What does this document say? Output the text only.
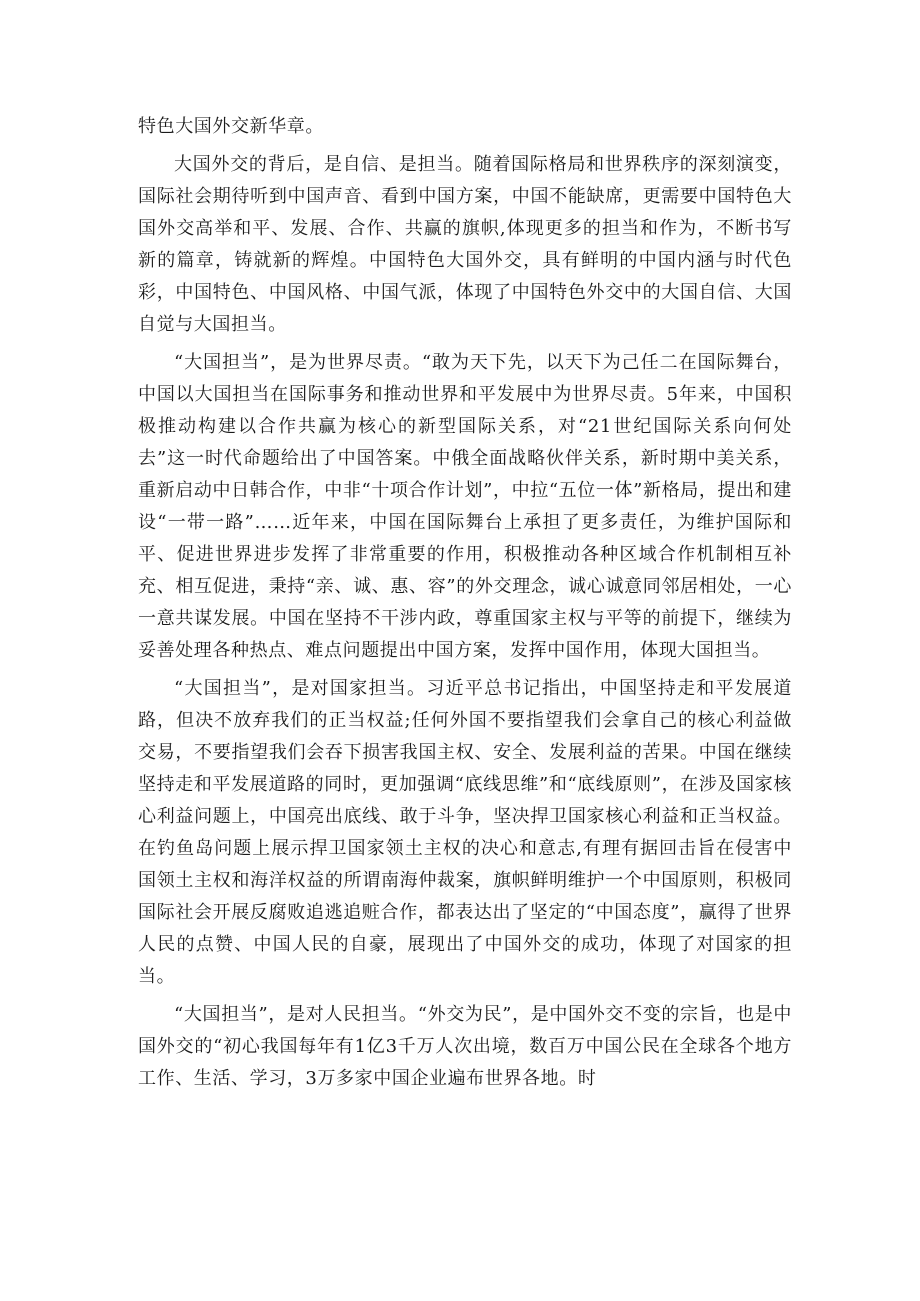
特色大国外交新华章。

大国外交的背后，是自信、是担当。随着国际格局和世界秩序的深刻演变，国际社会期待听到中国声音、看到中国方案，中国不能缺席，更需要中国特色大国外交高举和平、发展、合作、共赢的旗帜,体现更多的担当和作为，不断书写新的篇章，铸就新的辉煌。中国特色大国外交，具有鲜明的中国内涵与时代色彩，中国特色、中国风格、中国气派，体现了中国特色外交中的大国自信、大国自觉与大国担当。

“大国担当”，是为世界尽责。“敢为天下先，以天下为己任二在国际舞台，中国以大国担当在国际事务和推动世界和平发展中为世界尽责。5年来，中国积极推动构建以合作共赢为核心的新型国际关系，对“21世纪国际关系向何处去”这一时代命题给出了中国答案。中俄全面战略伙伴关系，新时期中美关系，重新启动中日韩合作，中非“十项合作计划”，中拉“五位一体”新格局，提出和建设“一带一路”……近年来，中国在国际舞台上承担了更多责任，为维护国际和平、促进世界进步发挥了非常重要的作用，积极推动各种区域合作机制相互补充、相互促进，秉持“亲、诚、惠、容”的外交理念，诚心诚意同邻居相处，一心一意共谋发展。中国在坚持不干涉内政，尊重国家主权与平等的前提下，继续为妥善处理各种热点、难点问题提出中国方案，发挥中国作用，体现大国担当。

“大国担当”，是对国家担当。习近平总书记指出，中国坚持走和平发展道路，但决不放弃我们的正当权益;任何外国不要指望我们会拿自己的核心利益做交易，不要指望我们会吞下损害我国主权、安全、发展利益的苦果。中国在继续坚持走和平发展道路的同时，更加强调“底线思维”和“底线原则”，在涉及国家核心利益问题上，中国亮出底线、敢于斗争，坚决捍卫国家核心利益和正当权益。在钓鱼岛问题上展示捍卫国家领土主权的决心和意志,有理有据回击旨在侵害中国领土主权和海洋权益的所谓南海仲裁案，旗帜鲜明维护一个中国原则，积极同国际社会开展反腐败追逃追赃合作，都表达出了坚定的“中国态度”，赢得了世界人民的点赞、中国人民的自豪，展现出了中国外交的成功，体现了对国家的担当。

“大国担当”，是对人民担当。“外交为民”，是中国外交不变的宗旨，也是中国外交的“初心我国每年有1亿3千万人次出境，数百万中国公民在全球各个地方工作、生活、学习，3万多家中国企业遍布世界各地。时
